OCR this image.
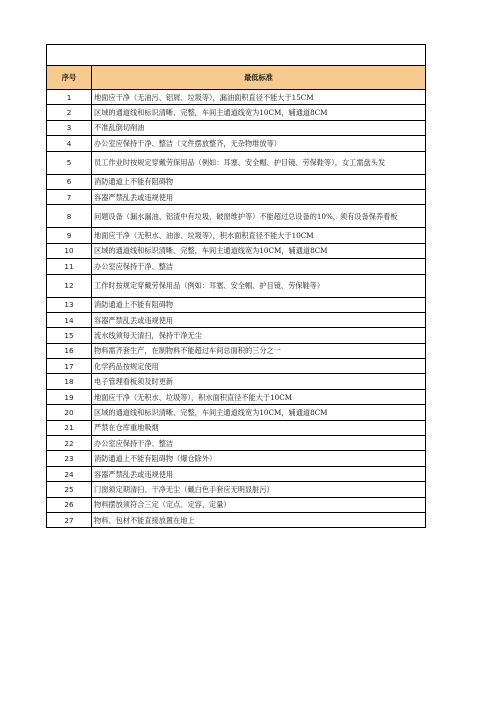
序号	最低标准
1	地面应干净（无油污、铝屑、垃圾等），漏油面积直径不能大于15CM
2	区域的通道线和标识清晰、完整，车间主通道线宽为10CM，辅通道8CM
3	不准乱倒切削油
4	办公室应保持干净、整洁（文件摆放整齐，无杂物堆放等）
5	员工作业时按规定穿戴劳保用品（例如：耳塞、安全帽、护目镜、劳保鞋等），女工需盘头发
6	消防通道上不能有阻碍物
7	容器严禁乱丢或违规使用
8	问题设备（漏水漏油、铝渣中有垃圾、破窗维护等）不能超过总设备的10%，须有设备保养看板
9	地面应干净（无积水、油渗、垃圾等），积水面积直径不能大于10CM
10	区域的通道线和标识清晰、完整，车间主通道线宽为10CM，辅通道8CM
11	办公室应保持干净、整洁
12	工作时按规定穿戴劳保用品（例如：耳塞、安全帽、护目镜、劳保鞋等）
13	消防通道上不能有阻碍物
14	容器严禁乱丢或违规使用
15	流水线须每天清扫，保持干净无尘
16	物料需齐套生产，在制物料不能超过车间总面积的三分之一
17	化学药品按规定使用
18	电子管理看板须及时更新
19	地面应干净（无积水、垃圾等），积水面积直径不能大于10CM
20	区域的通道线和标识清晰、完整，车间主通道线宽为10CM，辅通道8CM
21	严禁在仓库重地吸烟
22	办公室应保持干净、整洁
23	消防通道上不能有阻碍物（爆仓除外）
24	容器严禁乱丢或违规使用
25	门窗须定期清扫、干净无尘（戴白色手套应无明显脏污）
26	物料摆放须符合三定（定点、定容、定量）
27	物料、包材不能直接放置在地上
